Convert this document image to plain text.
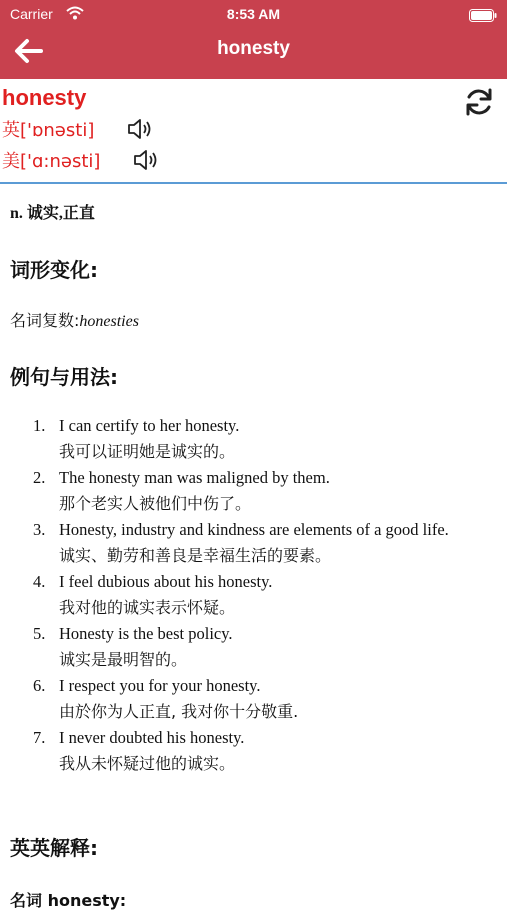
Carrier	8:53 AM
honesty
honesty
英['ɒnəsti]
美['ɑ:nəsti]
n. 诚实,正直
词形变化:
名词复数:honesties
例句与用法:
1. I can certify to her honesty.
我可以证明她是诚实的。
2. The honesty man was maligned by them.
那个老实人被他们中伤了。
3. Honesty, industry and kindness are elements of a good life.
诚实、勤劳和善良是幸福生活的要素。
4. I feel dubious about his honesty.
我对他的诚实表示怀疑。
5. Honesty is the best policy.
诚实是最明智的。
6. I respect you for your honesty.
由於你为人正直, 我对你十分敬重.
7. I never doubted his honesty.
我从未怀疑过他的诚实。
英英解释:
名词 honesty:
